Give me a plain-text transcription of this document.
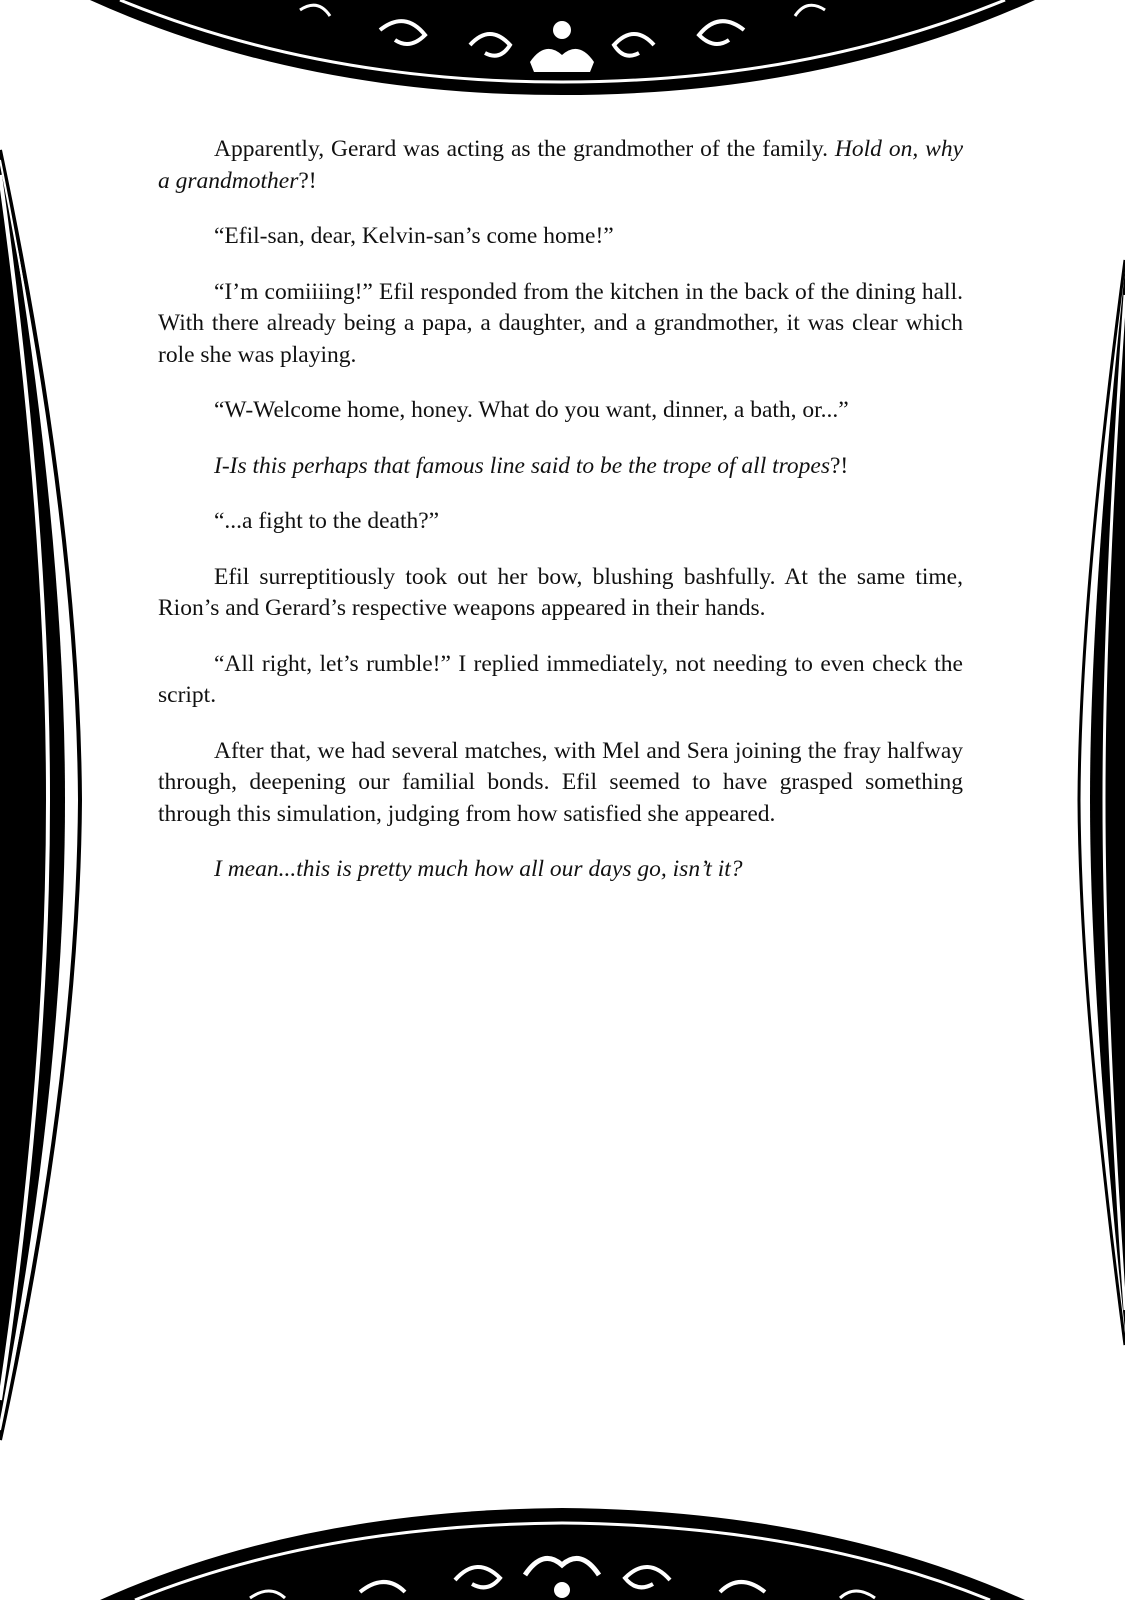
Apparently, Gerard was acting as the grandmother of the family. Hold on, why a grandmother?!

“Efil-san, dear, Kelvin-san’s come home!”

“I’m comiiiing!” Efil responded from the kitchen in the back of the dining hall. With there already being a papa, a daughter, and a grandmother, it was clear which role she was playing.

“W-Welcome home, honey. What do you want, dinner, a bath, or...”

I-Is this perhaps that famous line said to be the trope of all tropes?!

“...a fight to the death?”

Efil surreptitiously took out her bow, blushing bashfully. At the same time, Rion’s and Gerard’s respective weapons appeared in their hands.

“All right, let’s rumble!” I replied immediately, not needing to even check the script.

After that, we had several matches, with Mel and Sera joining the fray halfway through, deepening our familial bonds. Efil seemed to have grasped something through this simulation, judging from how satisfied she appeared.

I mean...this is pretty much how all our days go, isn’t it?
